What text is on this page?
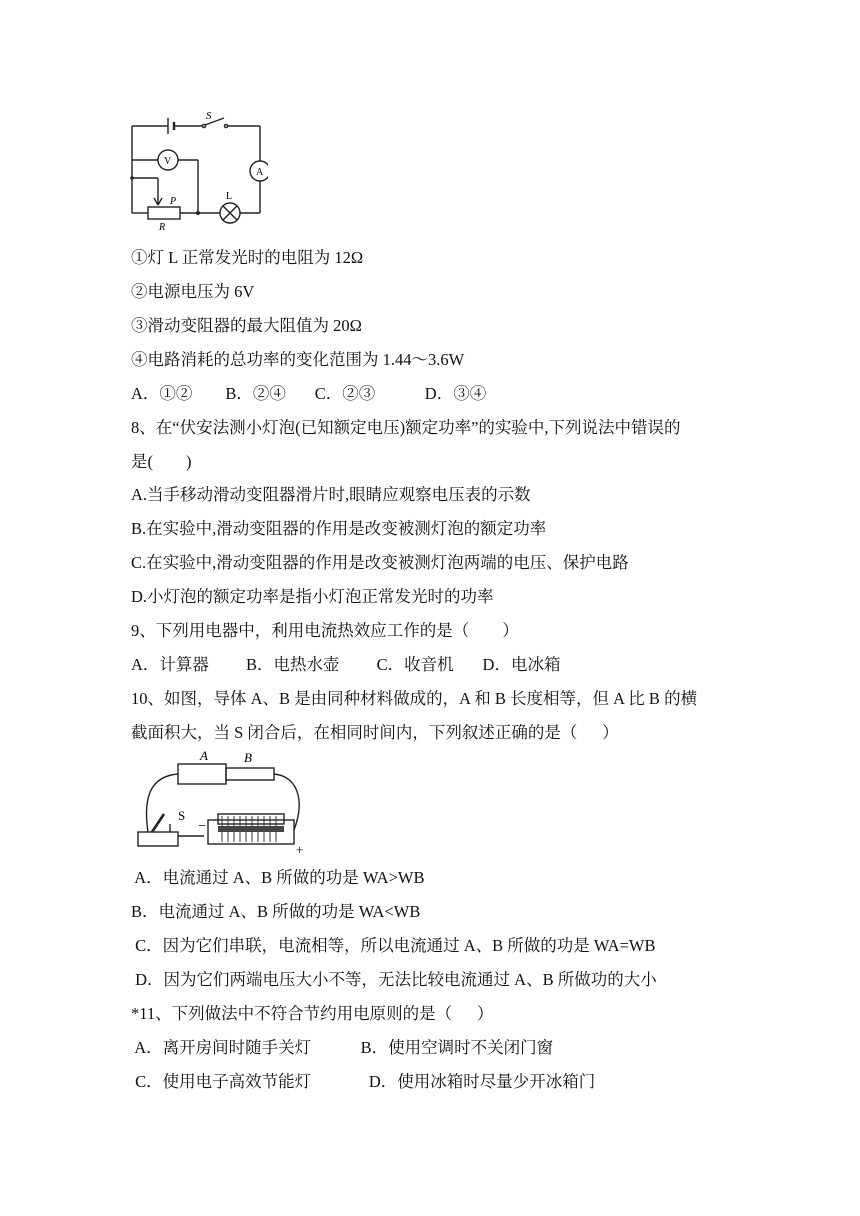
S
V
A
L
P
R
①灯 L 正常发光时的电阻为 12Ω
②电源电压为 6V
③滑动变阻器的最大阻值为 20Ω
④电路消耗的总功率的变化范围为 1.44～3.6W
A．①②        B．②④       C．②③            D．③④
8、在“伏安法测小灯泡(已知额定电压)额定功率”的实验中,下列说法中错误的
是(        )
A.当手移动滑动变阻器滑片时,眼睛应观察电压表的示数
B.在实验中,滑动变阻器的作用是改变被测灯泡的额定功率
C.在实验中,滑动变阻器的作用是改变被测灯泡两端的电压、保护电路
D.小灯泡的额定功率是指小灯泡正常发光时的功率
9、下列用电器中，利用电流热效应工作的是（        ）
A．计算器         B．电热水壶         C．收音机       D．电冰箱
10、如图，导体 A、B 是由同种材料做成的，A 和 B 长度相等，但 A 比 B 的横
截面积大，当 S 闭合后，在相同时间内，下列叙述正确的是（      ）
A	B
S
−
+
A．电流通过 A、B 所做的功是 WA>WB
B．电流通过 A、B 所做的功是 WA<WB
C．因为它们串联，电流相等，所以电流通过 A、B 所做的功是 WA=WB
D．因为它们两端电压大小不等，无法比较电流通过 A、B 所做功的大小
*11、下列做法中不符合节约用电原则的是（      ）
A．离开房间时随手关灯            B．使用空调时不关闭门窗
C．使用电子高效节能灯              D．使用冰箱时尽量少开冰箱门
